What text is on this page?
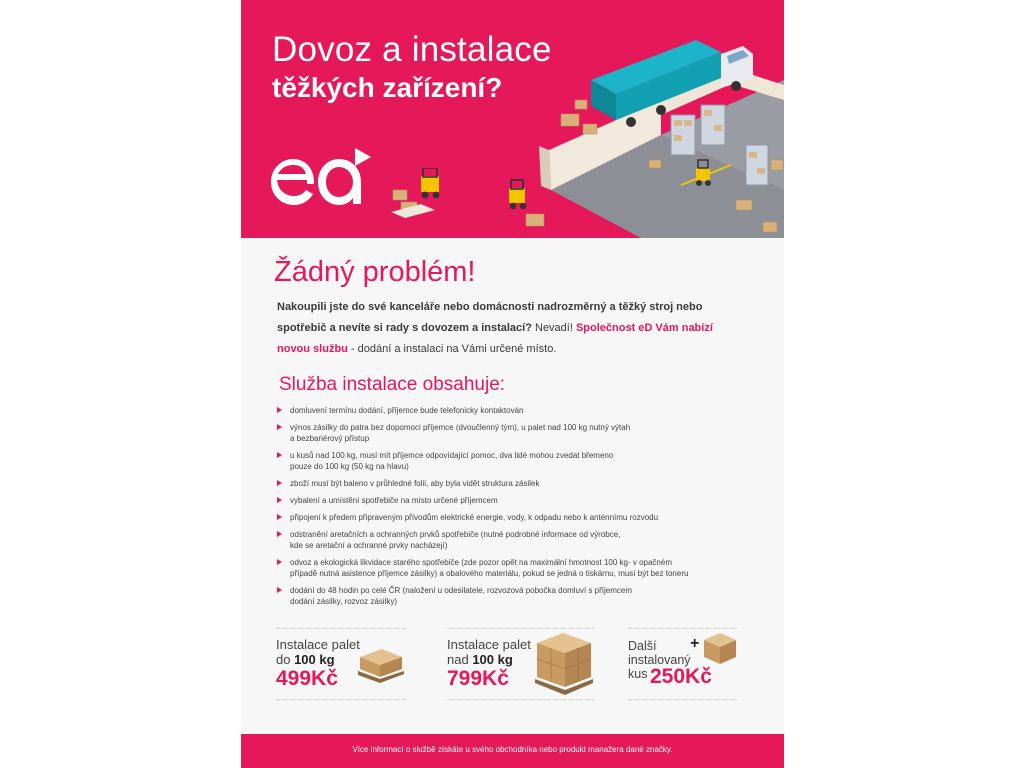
Dovoz a instalace
těžkých zařízení?
Žádný problém!
Nakoupili jste do své kanceláře nebo domácnosti nadrozměrný a těžký stroj nebo spotřebič a nevíte si rady s dovozem a instalací? Nevadí! Společnost eD Vám nabízí novou službu - dodání a instalaci na Vámi určené místo.
Služba instalace obsahuje:
domluvení termínu dodání, příjemce bude telefonicky kontaktován
výnos zásilky do patra bez dopomoci příjemce (dvoučlenný tým), u palet nad 100 kg nutný výtah
a bezbariérový přístup
u kusů nad 100 kg, musí mít příjemce odpovídající pomoc, dva lidé mohou zvedat břemeno
pouze do 100 kg (50 kg na hlavu)
zboží musí být baleno v průhledné folii, aby byla vidět struktura zásilek
vybalení a umístění spotřebiče na místo určené příjemcem
připojení k předem připraveným přívodům elektrické energie, vody, k odpadu nebo k anténnímu rozvodu
odstranění aretačních a ochranných prvků spotřebiče (nutné podrobné informace od výrobce,
kde se aretační a ochranné prvky nacházejí)
odvoz a ekologická likvidace starého spotřebiče (zde pozor opět na maximální hmotnost 100 kg- v opačném
případě nutná asistence příjemce zásilky) a obalového materiálu, pokud se jedná o tiskárnu, musí být bez toneru
dodání do 48 hodin po celé ČR (naložení u odesilatele, rozvozová pobočka domluví s příjemcem
dodání zásilky, rozvoz zásilky)
Instalace palet
do 100 kg
499Kč
Instalace palet
nad 100 kg
799Kč
Další
instalovaný
kus 250Kč
+
Více informací o službě získáte u svého obchodníka nebo produkt manažera dané značky.
